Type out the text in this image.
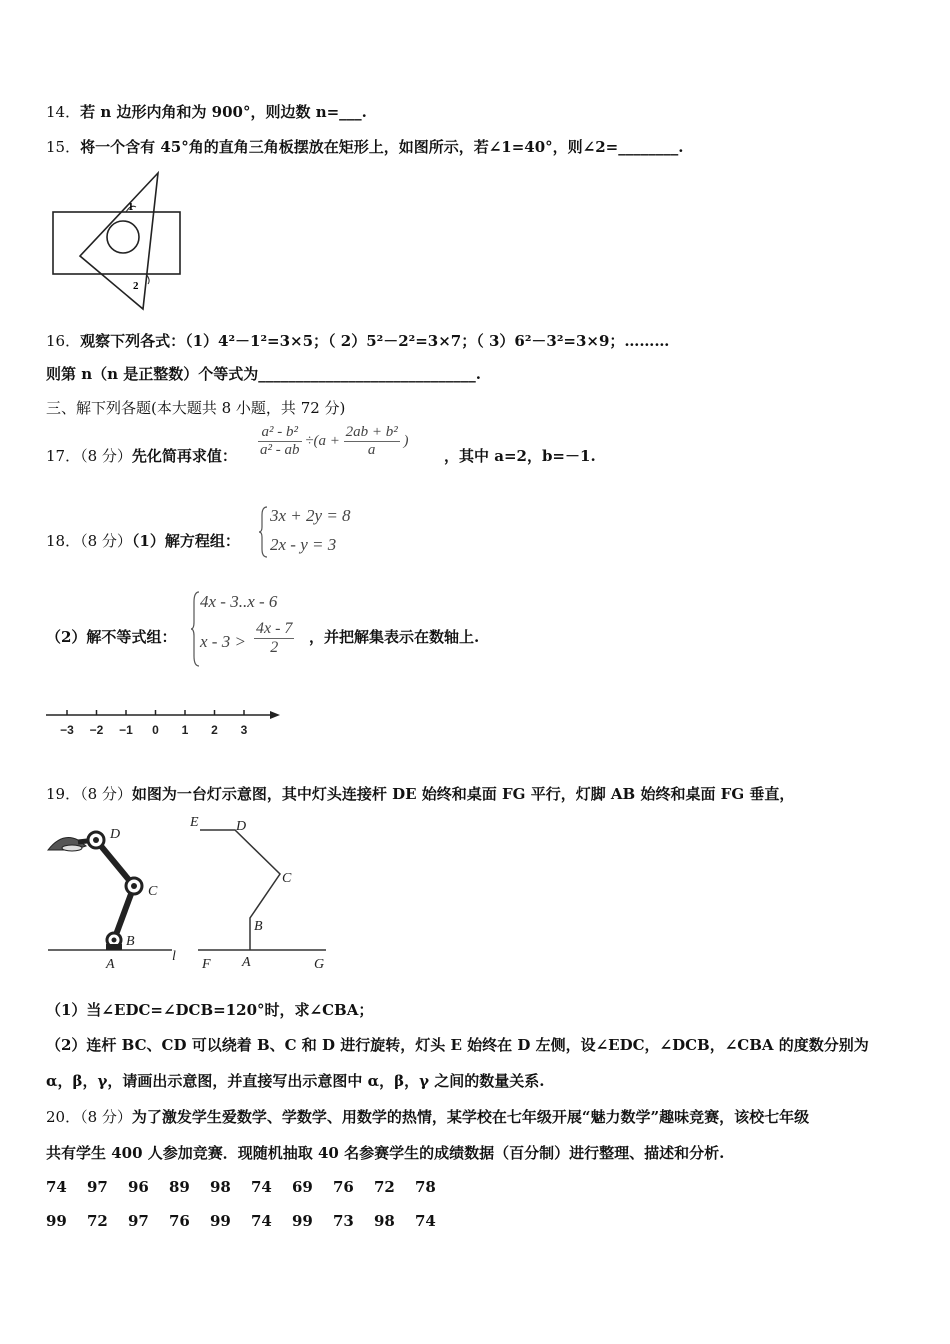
14．若 n 边形内角和为 900°，则边数 n=___.
15．将一个含有 45°角的直角三角板摆放在矩形上，如图所示，若∠1=40°，则∠2=________.
1
2
16．观察下列各式：（1）4²－1²=3×5；（ 2）5²－2²=3×7；（ 3）6²－3²=3×9；………
则第 n（n 是正整数）个等式为_____________________________.
三、解下列各题(本大题共 8 小题，共 72 分)
17．（8 分）先化简再求值： $\frac{\text{a² - b²}}{\text{a² - ab}} \div(a + \frac{\text{2ab + b²}}{a}$ )
，其中 a=2，b=－1.
18．（8 分）（1）解方程组：
3x + 2y = 8
2x - y = 3
（2）解不等式组：
4x - 3..x - 6
$x - 3 > \frac{4x - 7}{2}$ ，并把解集表示在数轴上.
−3 −2 −1 0 1 2 3
19．（8 分）如图为一台灯示意图，其中灯头连接杆 DE 始终和桌面 FG 平行，灯脚 AB 始终和桌面 FG 垂直，
D
C
B
A
l
E	D
C
B
F A	G
（1）当∠EDC=∠DCB=120°时，求∠CBA；
（2）连杆 BC、CD 可以绕着 B、C 和 D 进行旋转，灯头 E 始终在 D 左侧，设∠EDC，∠DCB，∠CBA 的度数分别为
α，β，γ，请画出示意图，并直接写出示意图中 α，β，γ 之间的数量关系.
20．（8 分）为了激发学生爱数学、学数学、用数学的热情，某学校在七年级开展“魅力数学”趣味竞赛，该校七年级
共有学生 400 人参加竞赛．现随机抽取 40 名参赛学生的成绩数据（百分制）进行整理、描述和分析.
74 97 96 89 98 74 69 76 72 78
99 72 97 76 99 74 99 73 98 74
